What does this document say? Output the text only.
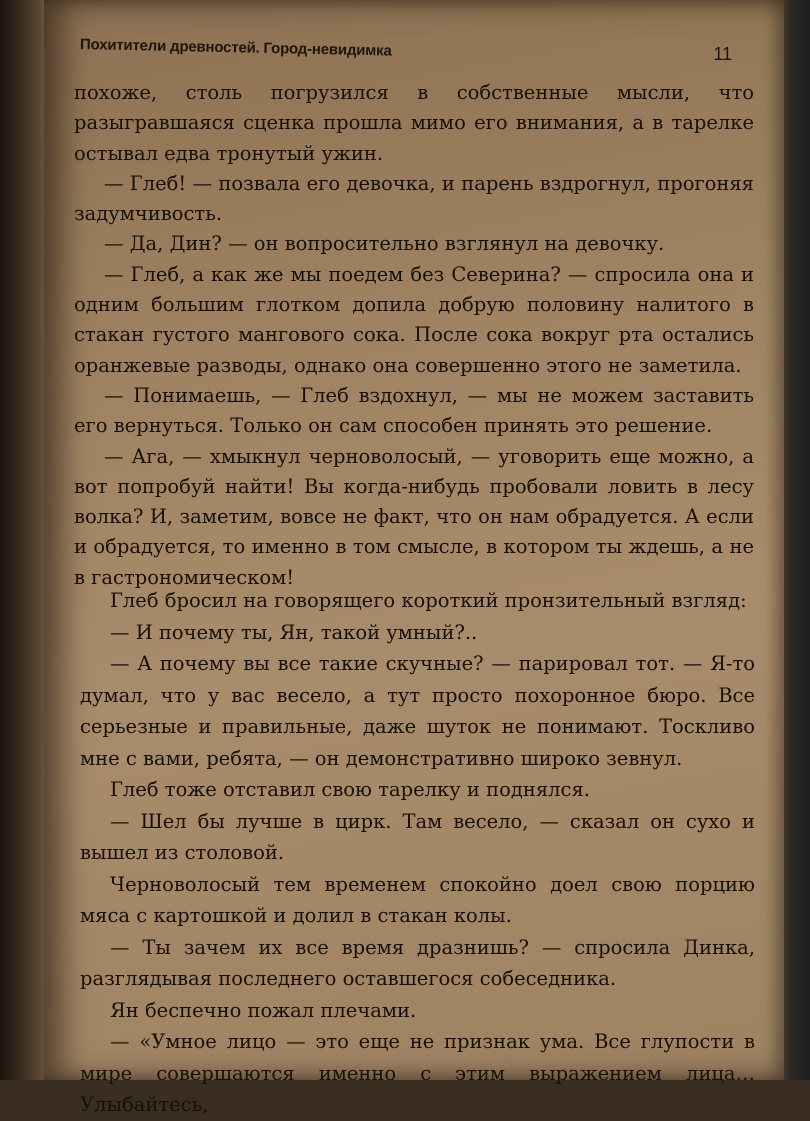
Похитители древностей. Город-невидимка	11

похоже, столь погрузился в собственные мысли, что разыгравшаяся сценка прошла мимо его внимания, а в тарелке остывал едва тронутый ужин.

— Глеб! — позвала его девочка, и парень вздрогнул, прогоняя задумчивость.

— Да, Дин? — он вопросительно взглянул на девочку.

— Глеб, а как же мы поедем без Северина? — спросила она и одним большим глотком допила добрую половину налитого в стакан густого мангового сока. После сока вокруг рта остались оранжевые разводы, однако она совершенно этого не заметила.

— Понимаешь, — Глеб вздохнул, — мы не можем заставить его вернуться. Только он сам способен принять это решение.

— Ага, — хмыкнул черноволосый, — уговорить еще можно, а вот попробуй найти! Вы когда-нибудь пробовали ловить в лесу волка? И, заметим, вовсе не факт, что он нам обрадуется. А если и обрадуется, то именно в том смысле, в котором ты ждешь, а не в гастрономическом!

Глеб бросил на говорящего короткий пронзительный взгляд:

— И почему ты, Ян, такой умный?..

— А почему вы все такие скучные? — парировал тот. — Я-то думал, что у вас весело, а тут просто похоронное бюро. Все серьезные и правильные, даже шуток не понимают. Тоскливо мне с вами, ребята, — он демонстративно широко зевнул.

Глеб тоже отставил свою тарелку и поднялся.

— Шел бы лучше в цирк. Там весело, — сказал он сухо и вышел из столовой.

Черноволосый тем временем спокойно доел свою порцию мяса с картошкой и долил в стакан колы.

— Ты зачем их все время дразнишь? — спросила Динка, разглядывая последнего оставшегося собеседника.

Ян беспечно пожал плечами.

— «Умное лицо — это еще не признак ума. Все глупости в мире совершаются именно с этим выражением лица… Улыбайтесь,
